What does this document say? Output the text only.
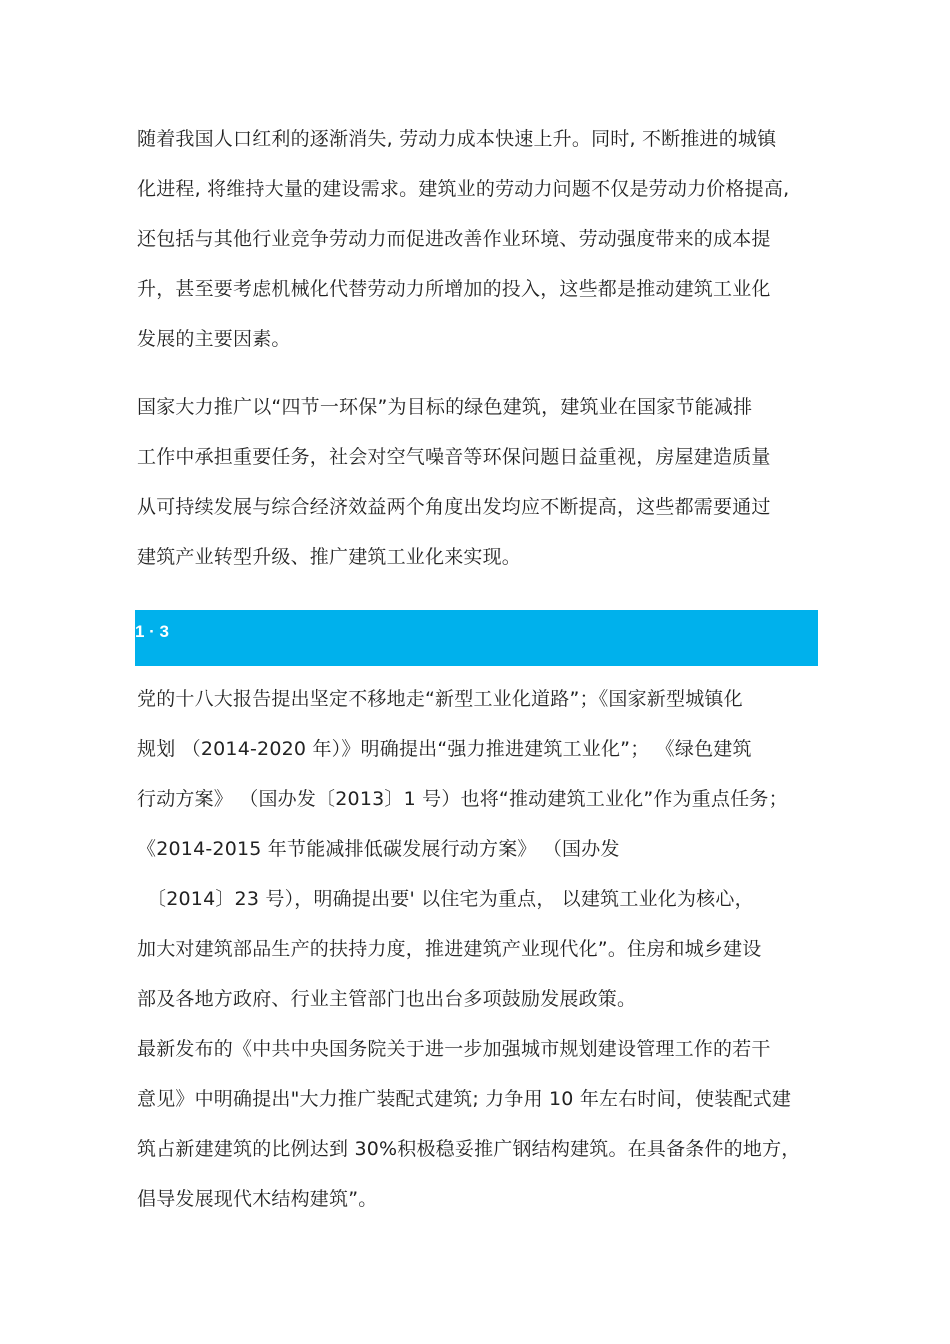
随着我国人口红利的逐渐消失, 劳动力成本快速上升。同时, 不断推进的城镇
化进程, 将维持大量的建设需求。建筑业的劳动力问题不仅是劳动力价格提高,
还包括与其他行业竞争劳动力而促进改善作业环境、劳动强度带来的成本提
升，甚至要考虑机械化代替劳动力所增加的投入，这些都是推动建筑工业化
发展的主要因素。
国家大力推广以“四节一环保”为目标的绿色建筑，建筑业在国家节能减排
工作中承担重要任务，社会对空气噪音等环保问题日益重视，房屋建造质量
从可持续发展与综合经济效益两个角度出发均应不断提高，这些都需要通过
建筑产业转型升级、推广建筑工业化来实现。
1 · 3
党的十八大报告提出坚定不移地走“新型工业化道路”；《国家新型城镇化
规划 （2014-2020 年）》明确提出“强力推进建筑工业化”； 《绿色建筑
行动方案》 （国办发〔2013〕1 号）也将“推动建筑工业化”作为重点任务；
《2014-2015 年节能减排低碳发展行动方案》 （国办发
〔2014〕23 号），明确提出要' 以住宅为重点， 以建筑工业化为核心，
加大对建筑部品生产的扶持力度，推进建筑产业现代化”。住房和城乡建设
部及各地方政府、行业主管部门也出台多项鼓励发展政策。
最新发布的《中共中央国务院关于进一步加强城市规划建设管理工作的若干
意见》中明确提出"大力推广装配式建筑; 力争用 10 年左右时间，使装配式建
筑占新建建筑的比例达到 30%积极稳妥推广钢结构建筑。在具备条件的地方，
倡导发展现代木结构建筑”。
